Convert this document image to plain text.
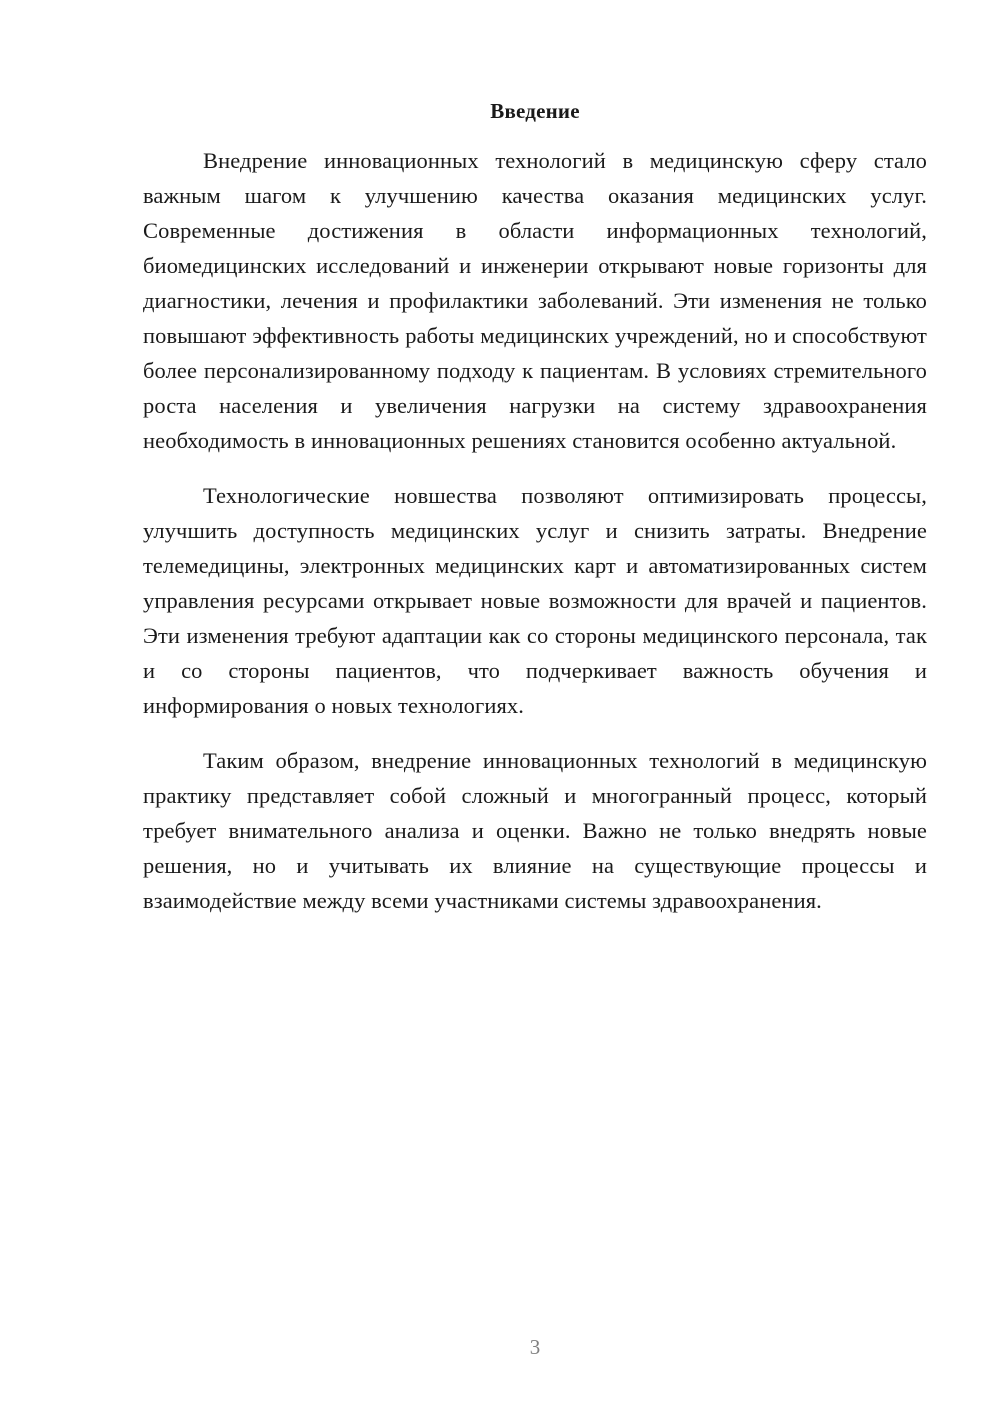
Введение

Внедрение инновационных технологий в медицинскую сферу стало важным шагом к улучшению качества оказания медицинских услуг. Современные достижения в области информационных технологий, биомедицинских исследований и инженерии открывают новые горизонты для диагностики, лечения и профилактики заболеваний. Эти изменения не только повышают эффективность работы медицинских учреждений, но и способствуют более персонализированному подходу к пациентам. В условиях стремительного роста населения и увеличения нагрузки на систему здравоохранения необходимость в инновационных решениях становится особенно актуальной.

Технологические новшества позволяют оптимизировать процессы, улучшить доступность медицинских услуг и снизить затраты. Внедрение телемедицины, электронных медицинских карт и автоматизированных систем управления ресурсами открывает новые возможности для врачей и пациентов. Эти изменения требуют адаптации как со стороны медицинского персонала, так и со стороны пациентов, что подчеркивает важность обучения и информирования о новых технологиях.

Таким образом, внедрение инновационных технологий в медицинскую практику представляет собой сложный и многогранный процесс, который требует внимательного анализа и оценки. Важно не только внедрять новые решения, но и учитывать их влияние на существующие процессы и взаимодействие между всеми участниками системы здравоохранения.

3
